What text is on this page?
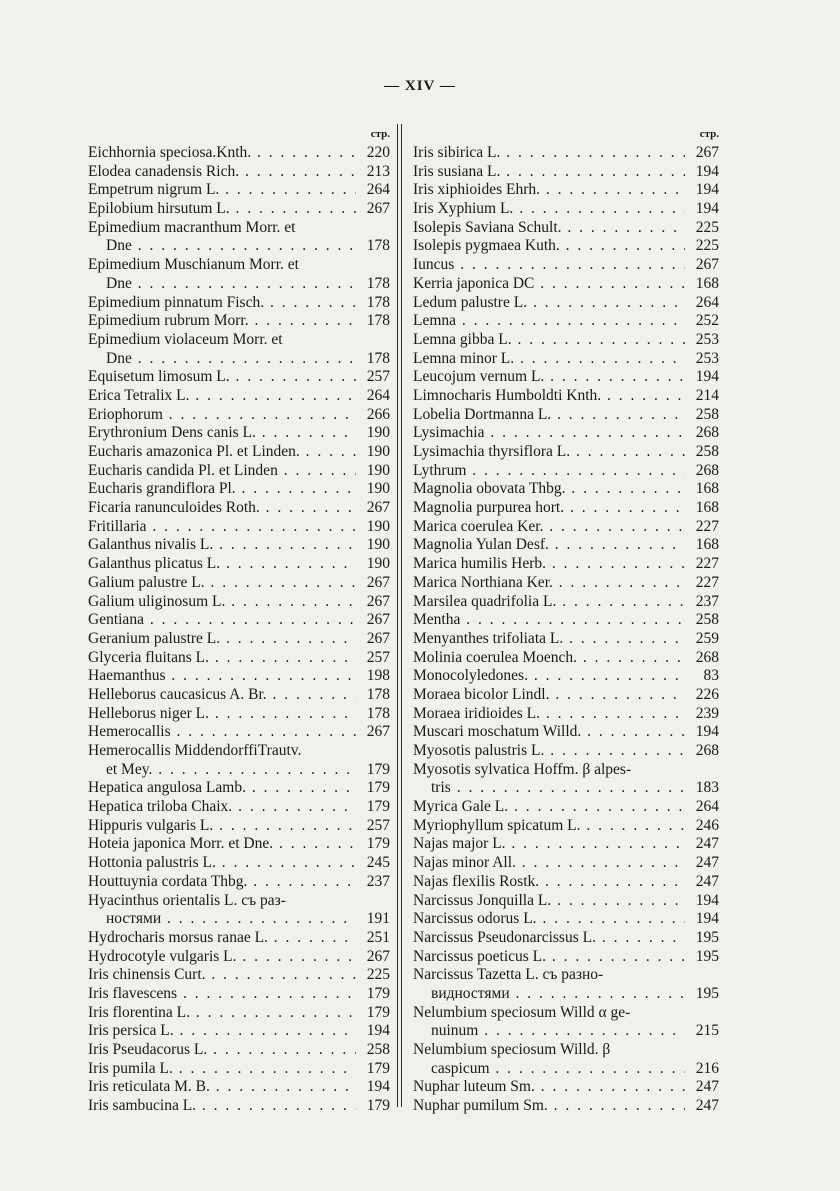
— XIV —
стр.
Eichhornia speciosa.Knth. . . .	220
Elodea canadensis Rich. . . .	213
Empetrum nigrum L. . . .	264
Epilobium hirsutum L. . . .	267
Epimedium macranthum Morr. et
Dne . . .	178
Epimedium Muschianum Morr. et
Dne . . .	178
Epimedium pinnatum Fisch. . . .	178
Epimedium rubrum Morr. . . .	178
Epimedium violaceum Morr. et
Dne . . .	178
Equisetum limosum L. . . .	257
Erica Tetralix L. . . .	264
Eriophorum . . .	266
Erythronium Dens canis L. . . .	190
Eucharis amazonica Pl. et Linden. . . .	190
Eucharis candida Pl. et Linden . . .	190
Eucharis grandiflora Pl. . . .	190
Ficaria ranunculoides Roth. . . .	267
Fritillaria . . .	190
Galanthus nivalis L. . . .	190
Galanthus plicatus L. . . .	190
Galium palustre L. . . .	267
Galium uliginosum L. . . .	267
Gentiana . . .	267
Geranium palustre L. . . .	267
Glyceria fluitans L. . . .	257
Haemanthus . . .	198
Helleborus caucasicus A. Br. . . .	178
Helleborus niger L. . . .	178
Hemerocallis . . .	267
Hemerocallis MiddendorffiTrautv.
et Mey. . . .	179
Hepatica angulosa Lamb. . . .	179
Hepatica triloba Chaix. . . .	179
Hippuris vulgaris L. . . .	257
Hoteia japonica Morr. et Dne. . . .	179
Hottonia palustris L. . . .	245
Houttuynia cordata Thbg. . . .	237
Hyacinthus orientalis L. съ раз-
ностями . . .	191
Hydrocharis morsus ranae L. . . .	251
Hydrocotyle vulgaris L. . . .	267
Iris chinensis Curt. . . .	225
Iris flavescens . . .	179
Iris florentina L. . . .	179
Iris persica L. . . .	194
Iris Pseudacorus L. . . .	258
Iris pumila L. . . .	179
Iris reticulata M. B. . . .	194
Iris sambucina L. . . .	179
стр.
Iris sibirica L. . . .	267
Iris susiana L. . . .	194
Iris xiphioides Ehrh. . . .	194
Iris Xyphium L. . . .	194
Isolepis Saviana Schult. . . .	225
Isolepis pygmaea Kuth. . . .	225
Iuncus . . .	267
Kerria japonica DC . . .	168
Ledum palustre L. . . .	264
Lemna . . .	252
Lemna gibba L. . . .	253
Lemna minor L. . . .	253
Leucojum vernum L. . . .	194
Limnocharis Humboldti Knth. . . .	214
Lobelia Dortmanna L. . . .	258
Lysimachia . . .	268
Lysimachia thyrsiflora L. . . .	258
Lythrum . . .	268
Magnolia obovata Thbg. . . .	168
Magnolia purpurea hort. . . .	168
Marica coerulea Ker. . . .	227
Magnolia Yulan Desf. . . .	168
Marica humilis Herb. . . .	227
Marica Northiana Ker. . . .	227
Marsilea quadrifolia L. . . .	237
Mentha . . .	258
Menyanthes trifoliata L. . . .	259
Molinia coerulea Moench. . . .	268
Monocolyledones. . . .	83
Moraea bicolor Lindl. . . .	226
Moraea iridioides L. . . .	239
Muscari moschatum Willd. . . .	194
Myosotis palustris L. . . .	268
Myosotis sylvatica Hoffm. β alpes-
tris . . .	183
Myrica Gale L. . . .	264
Myriophyllum spicatum L. . . .	246
Najas major L. . . .	247
Najas minor All. . . .	247
Najas flexilis Rostk. . . .	247
Narcissus Jonquilla L. . . .	194
Narcissus odorus L. . . .	194
Narcissus Pseudonarcissus L. . . .	195
Narcissus poeticus L. . . .	195
Narcissus Tazetta L. съ разно-
видностями . . .	195
Nelumbium speciosum Willd α ge-
nuinum . . .	215
Nelumbium speciosum Willd. β
caspicum . . .	216
Nuphar luteum Sm. . . .	247
Nuphar pumilum Sm. . . .	247
